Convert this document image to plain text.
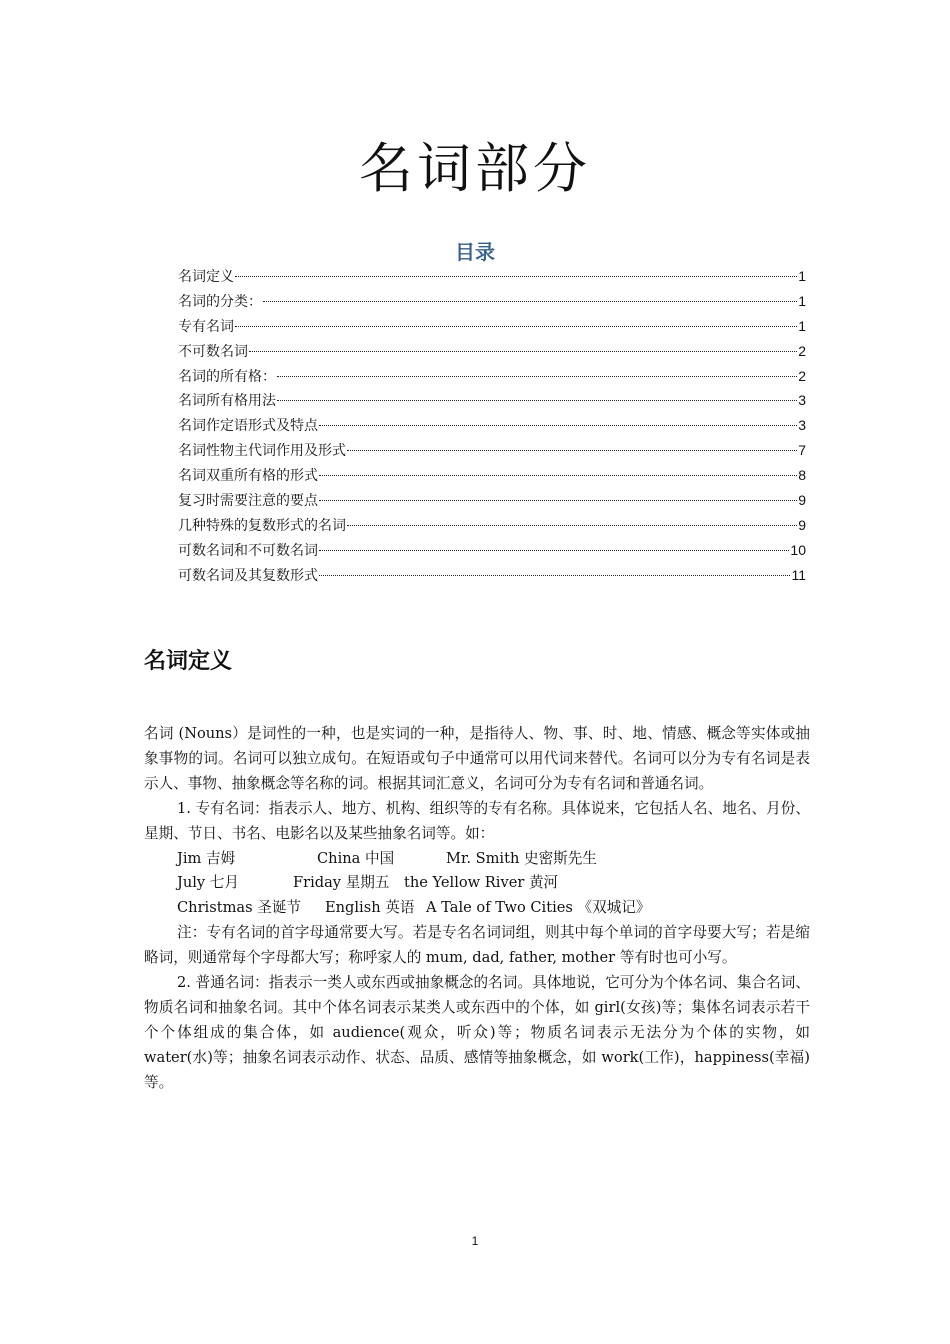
名词部分
目录
名词定义	1
名词的分类：	1
专有名词	1
不可数名词	2
名词的所有格：	2
名词所有格用法	3
名词作定语形式及特点	3
名词性物主代词作用及形式	7
名词双重所有格的形式	8
复习时需要注意的要点	9
几种特殊的复数形式的名词	9
可数名词和不可数名词	10
可数名词及其复数形式	11
名词定义

名词 (Nouns）是词性的一种，也是实词的一种，是指待人、物、事、时、地、情感、概念等实体或抽象事物的词。名词可以独立成句。在短语或句子中通常可以用代词来替代。名词可以分为专有名词是表示人、事物、抽象概念等名称的词。根据其词汇意义，名词可分为专有名词和普通名词。

1. 专有名词：指表示人、地方、机构、组织等的专有名称。具体说来，它包括人名、地名、月份、星期、节日、书名、电影名以及某些抽象名词等。如：

Jim 吉姆	China 中国	Mr. Smith 史密斯先生
July 七月	Friday 星期五 the Yellow River 黄河
Christmas 圣诞节 English 英语 A Tale of Two Cities 《双城记》

注：专有名词的首字母通常要大写。若是专名名词词组，则其中每个单词的首字母要大写；若是缩略词，则通常每个字母都大写；称呼家人的 mum, dad, father, mother 等有时也可小写。

2. 普通名词：指表示一类人或东西或抽象概念的名词。具体地说，它可分为个体名词、集合名词、物质名词和抽象名词。其中个体名词表示某类人或东西中的个体，如 girl(女孩)等；集体名词表示若干个个体组成的集合体，如 audience(观众，听众)等；物质名词表示无法分为个体的实物，如 water(水)等；抽象名词表示动作、状态、品质、感情等抽象概念，如 work(工作)，happiness(幸福)等。

1
